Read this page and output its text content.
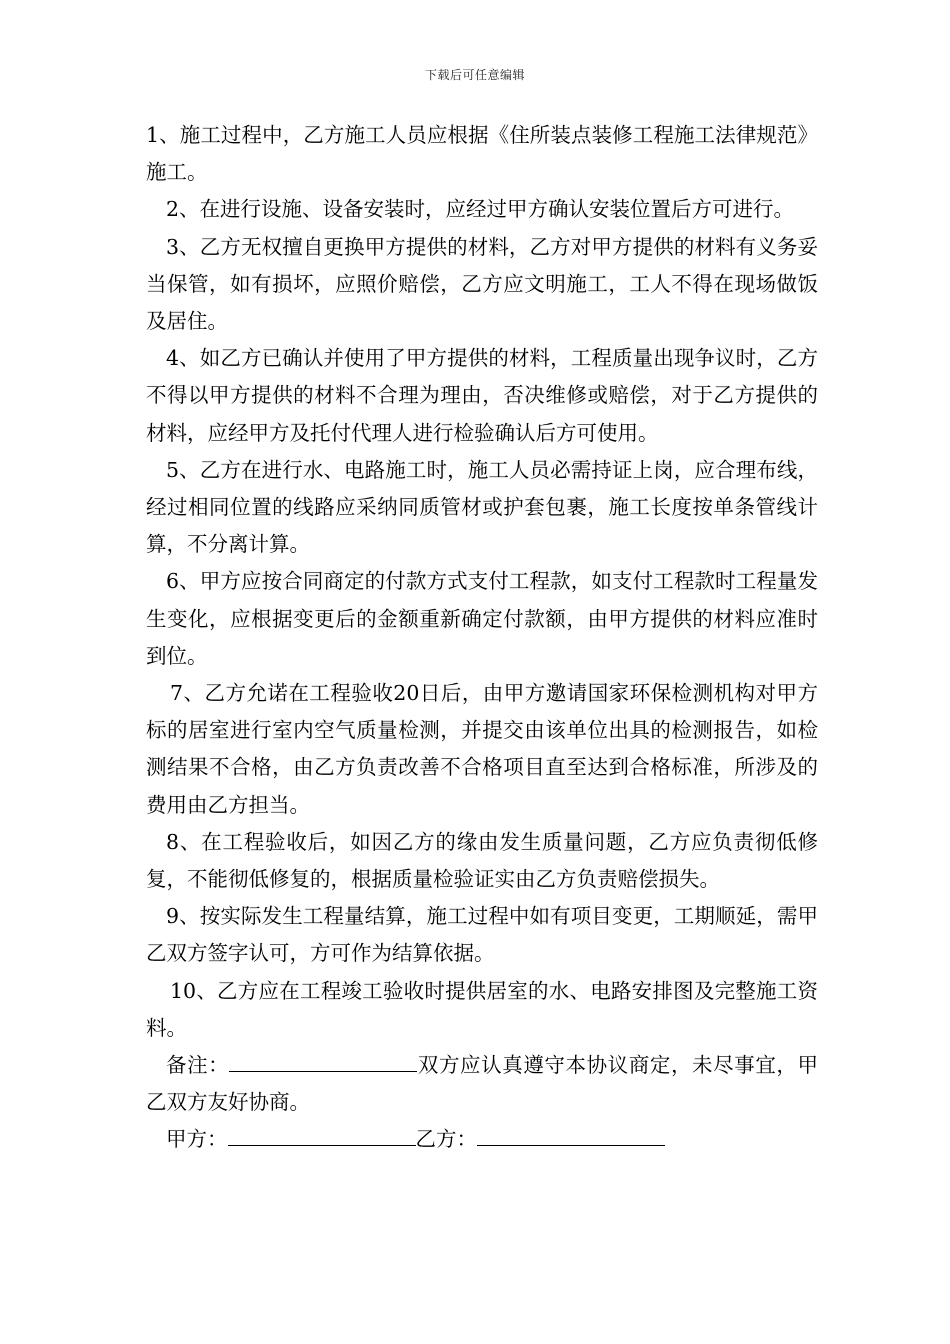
下载后可任意编辑

1、施工过程中，乙方施工人员应根据《住所装点装修工程施工法律规范》施工。

2、在进行设施、设备安装时，应经过甲方确认安装位置后方可进行。

3、乙方无权擅自更换甲方提供的材料，乙方对甲方提供的材料有义务妥当保管，如有损坏，应照价赔偿，乙方应文明施工，工人不得在现场做饭及居住。

4、如乙方已确认并使用了甲方提供的材料，工程质量出现争议时，乙方不得以甲方提供的材料不合理为理由，否决维修或赔偿，对于乙方提供的材料，应经甲方及托付代理人进行检验确认后方可使用。

5、乙方在进行水、电路施工时，施工人员必需持证上岗，应合理布线，经过相同位置的线路应采纳同质管材或护套包裹，施工长度按单条管线计算，不分离计算。

6、甲方应按合同商定的付款方式支付工程款，如支付工程款时工程量发生变化，应根据变更后的金额重新确定付款额，由甲方提供的材料应准时到位。

7、乙方允诺在工程验收20日后，由甲方邀请国家环保检测机构对甲方标的居室进行室内空气质量检测，并提交由该单位出具的检测报告，如检测结果不合格，由乙方负责改善不合格项目直至达到合格标准，所涉及的费用由乙方担当。

8、在工程验收后，如因乙方的缘由发生质量问题，乙方应负责彻低修复，不能彻低修复的，根据质量检验证实由乙方负责赔偿损失。

9、按实际发生工程量结算，施工过程中如有项目变更，工期顺延，需甲乙双方签字认可，方可作为结算依据。

10、乙方应在工程竣工验收时提供居室的水、电路安排图及完整施工资料。

备注：	双方应认真遵守本协议商定，未尽事宜，甲乙双方友好协商。

甲方：	乙方：
